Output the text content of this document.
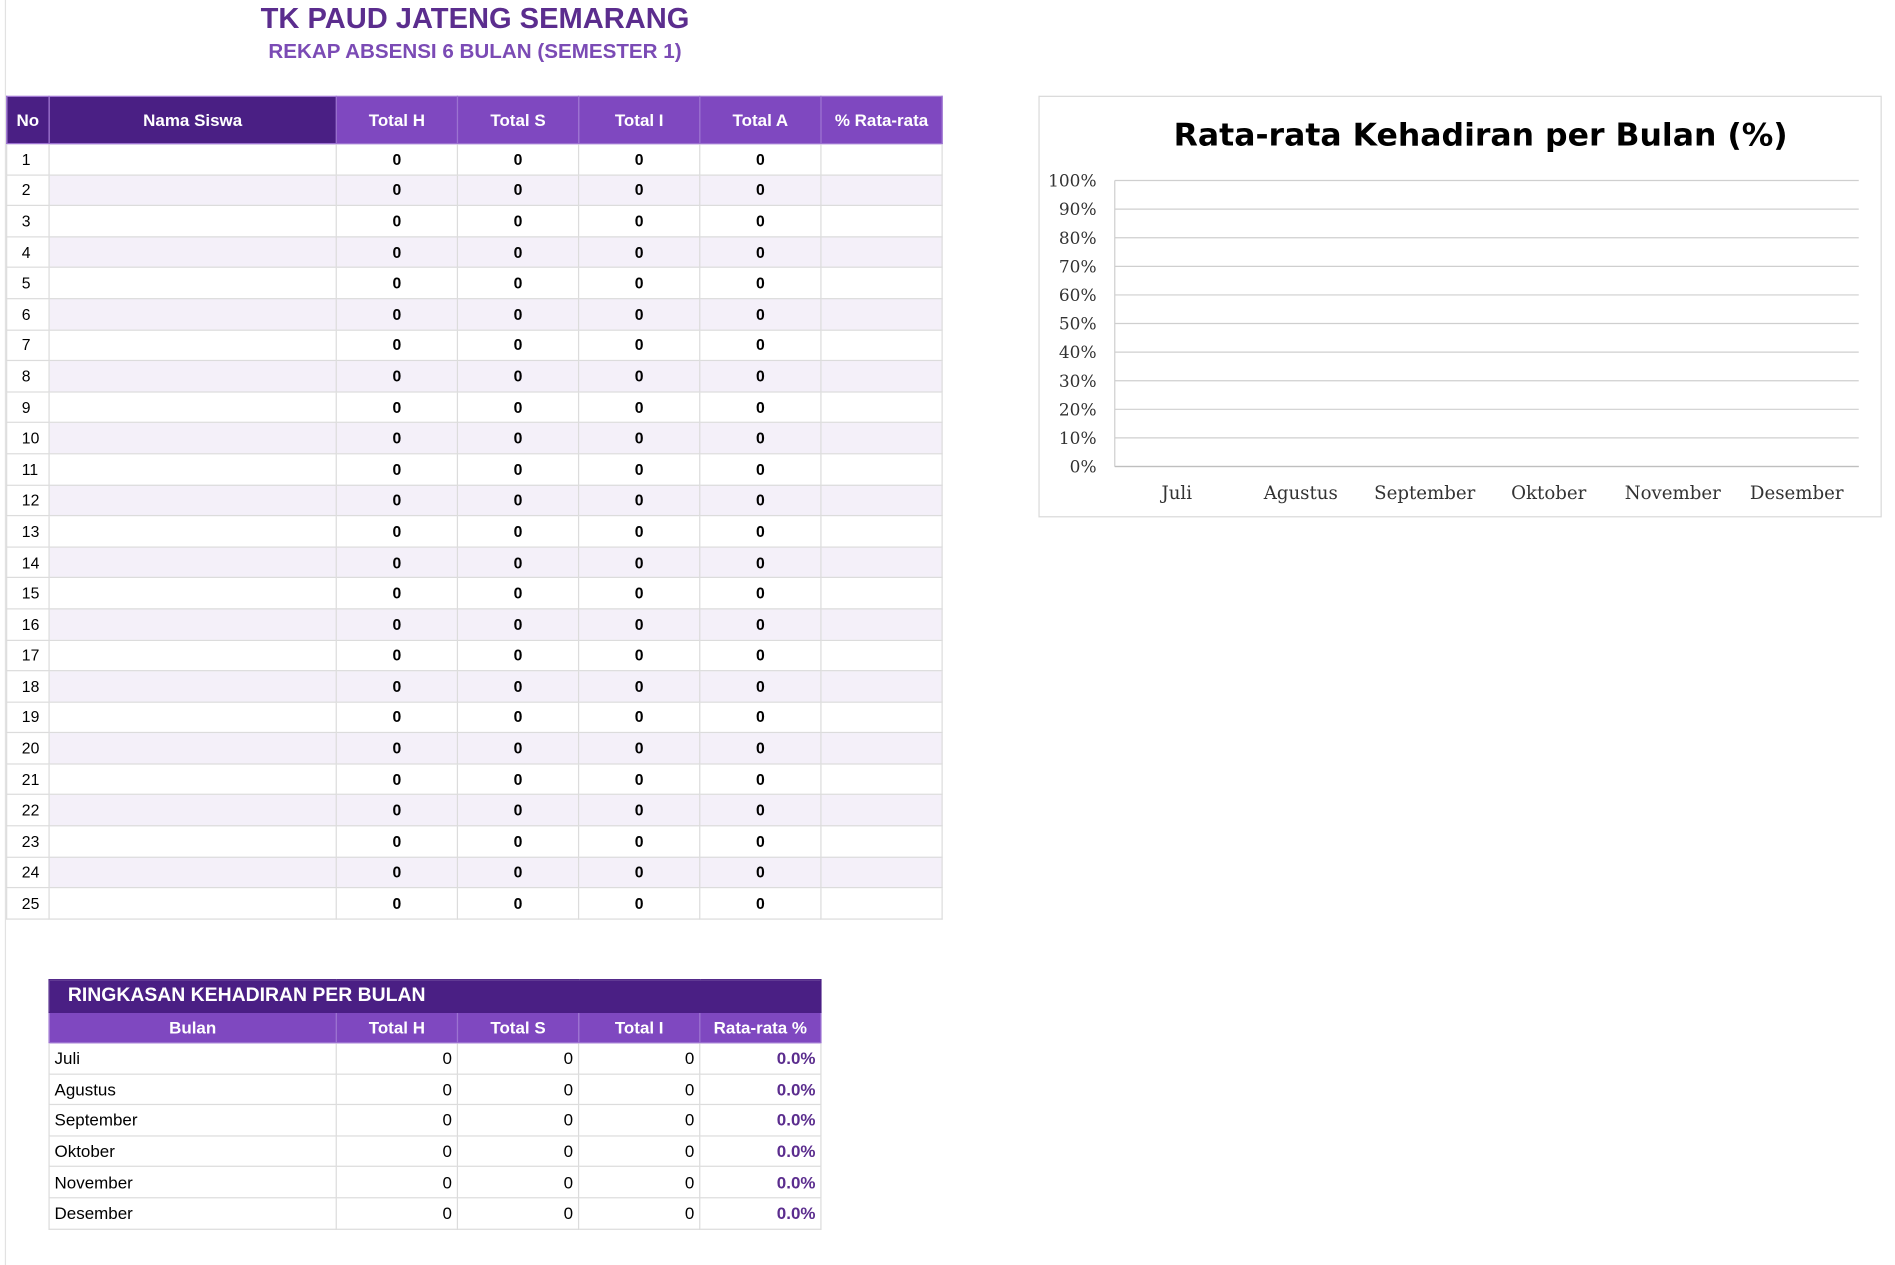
TK PAUD JATENG SEMARANG
REKAP ABSENSI 6 BULAN (SEMESTER 1)
No	Nama Siswa	Total H	Total S	Total I	Total A	% Rata-rata
1		0	0	0	0	
2		0	0	0	0	
3		0	0	0	0	
4		0	0	0	0	
5		0	0	0	0	
6		0	0	0	0	
7		0	0	0	0	
8		0	0	0	0	
9		0	0	0	0	
10		0	0	0	0	
11		0	0	0	0	
12		0	0	0	0	
13		0	0	0	0	
14		0	0	0	0	
15		0	0	0	0	
16		0	0	0	0	
17		0	0	0	0	
18		0	0	0	0	
19		0	0	0	0	
20		0	0	0	0	
21		0	0	0	0	
22		0	0	0	0	
23		0	0	0	0	
24		0	0	0	0	
25		0	0	0	0	
RINGKASAN KEHADIRAN PER BULAN				
Bulan	Total H	Total S	Total I	Rata-rata %
Juli	0	0	0	0.0%
Agustus	0	0	0	0.0%
September	0	0	0	0.0%
Oktober	0	0	0	0.0%
November	0	0	0	0.0%
Desember	0	0	0	0.0%
Rata-rata Kehadiran per Bulan (%)
0%
10%
20%
30%
40%
50%
60%
70%
80%
90%
100%
Juli	Agustus September Oktober	November Desember
